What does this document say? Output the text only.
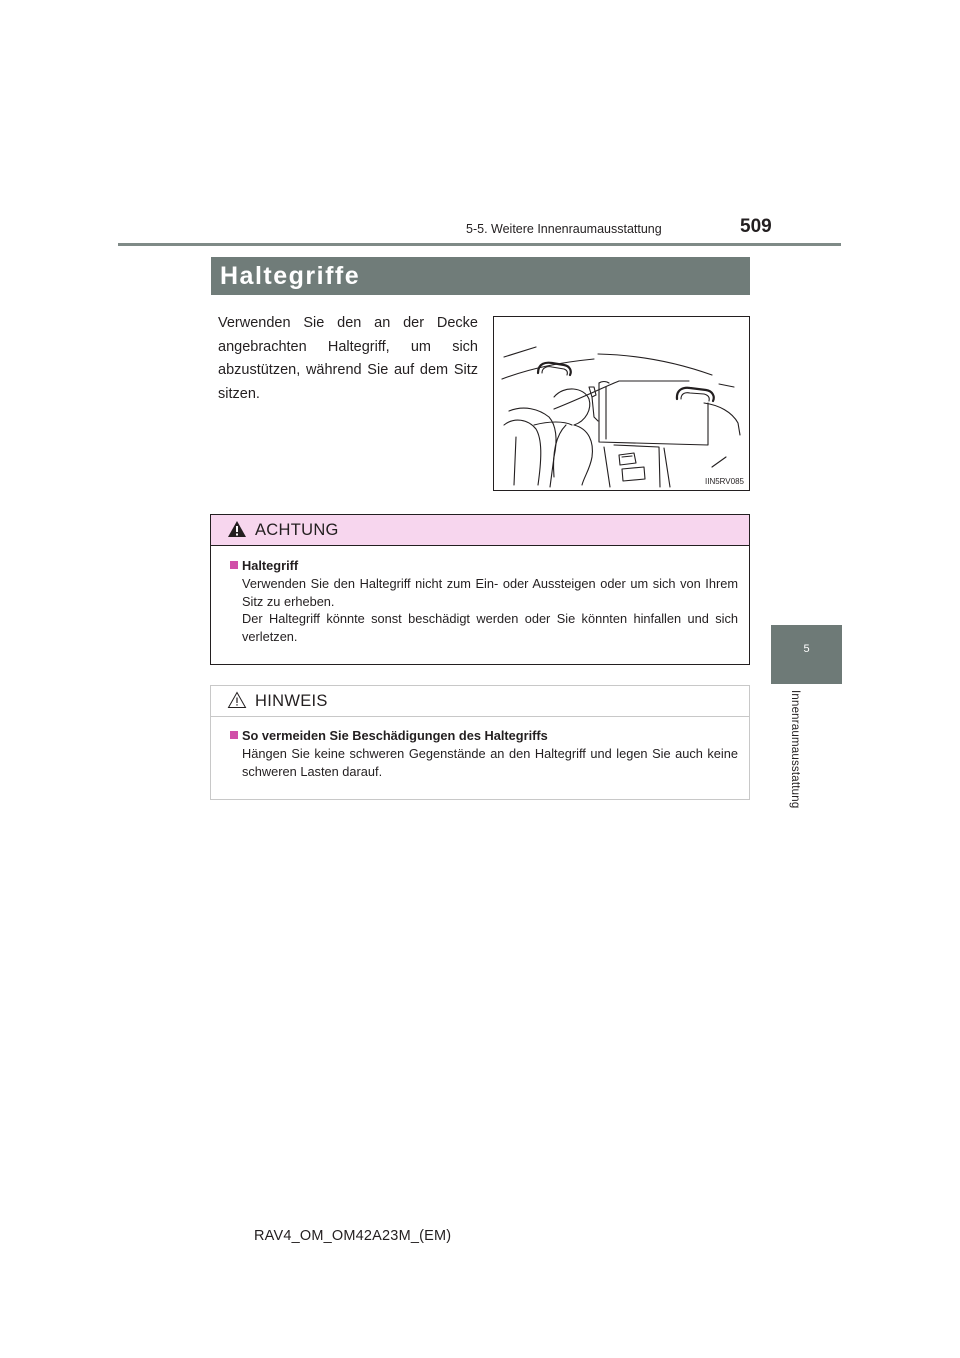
5-5. Weitere Innenraumausstattung	509
Haltegriffe
Verwenden Sie den an der Decke angebrachten Haltegriff, um sich abzustützen, während Sie auf dem Sitz sitzen.
IIN5RV085
ACHTUNG
Haltegriff
Verwenden Sie den Haltegriff nicht zum Ein- oder Aussteigen oder um sich von Ihrem Sitz zu erheben.
Der Haltegriff könnte sonst beschädigt werden oder Sie könnten hinfallen und sich verletzen.
HINWEIS
So vermeiden Sie Beschädigungen des Haltegriffs
Hängen Sie keine schweren Gegenstände an den Haltegriff und legen Sie auch keine schweren Lasten darauf.
5
Innenraumausstattung
RAV4_OM_OM42A23M_(EM)
